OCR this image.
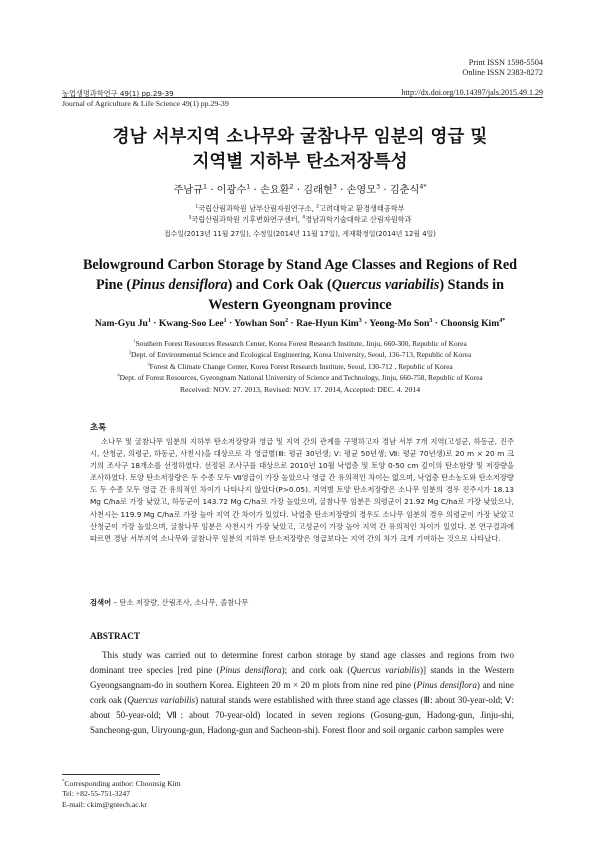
Print ISSN 1598-5504
Online ISSN 2383-8272
농업생명과학연구 49(1) pp.29-39
Journal of Agriculture & Life Science 49(1) pp.29-39
http://dx.doi.org/10.14397/jals.2015.49.1.29
경남 서부지역 소나무와 굴참나무 임분의 영급 및
지역별 지하부 탄소저장특성
주남규$^1$ · 이광수$^1$ · 손요환$^2$ · 김래현$^3$ · 손영모$^3$ · 김춘식$^{4*}$
$^1$국립산림과학원 남부산림자원연구소, $^2$고려대학교 환경생태공학부
$^3$국립산림과학원 기후변화연구센터, $^4$경남과학기술대학교 산림자원학과
접수일(2013년 11월 27일), 수정일(2014년 11월 17일), 게재확정일(2014년 12월 4일)
Belowground Carbon Storage by Stand Age Classes and Regions of Red
Pine (Pinus densiflora) and Cork Oak (Quercus variabilis) Stands in
Western Gyeongnam province
Nam-Gyu $Ju^1$ · Kwang-Soo Lee$^1$ · Yowhan Son$^2$ · Rae-Hyun Kim$^3$ · Yeong-Mo Son$^3$ · Choonsig Kim$^{4*}$
$^1$Southern Forest Resources Research Center, Korea Forest Research Institute, Jinju, 660-300, Republic of Korea
$^2$Dept. of Environmental Science and Ecological Engineering, Korea University, Seoul, 136-713, Republic of Korea
$^3$Forest & Climate Change Center, Korea Forest Research Institute, Seoul, 130-712 , Republic of Korea
$^4$Dept. of Forest Resources, Gyeongnam National University of Science and Technology, Jinju, 660-758, Republic of Korea
Received: NOV. 27. 2013, Revised: NOV. 17. 2014, Accepted: DEC. 4. 2014
초록

소나무 및 굴참나무 임분의 지하부 탄소저장량과 영급 및 지역 간의 관계를 구명하고자 경남 서부 7개 지역(고성군, 하동군, 진주시, 산청군, 의령군, 하동군, 사천시)을 대상으로 각 영급별(Ⅲ: 평균 30년생; Ⅴ: 평균 50년생; Ⅶ: 평균 70년생)로 20 m × 20 m 크기의 조사구 18개소를 선정하였다. 선정된 조사구를 대상으로 2010년 10월 낙엽층 및 토양 0-50 cm 깊이의 탄소함량 및 저장량을 조사하였다. 토양 탄소저장량은 두 수종 모두 Ⅶ영급이 가장 높았으나 영급 간 유의적인 차이는 없으며, 낙엽층 탄소농도와 탄소저장량도 두 수종 모두 영급 간 유의적인 차이가 나타나지 않았다(P>0.05). 지역별 토양 탄소저장량은 소나무 임분의 경우 진주시가 18.13 Mg C/ha로 가장 낮았고, 하동군이 143.72 Mg C/ha로 가장 높았으며, 굴참나무 임분은 의령군이 21.92 Mg C/ha로 가장 낮았으나, 사천시는 119.9 Mg C/ha로 가장 높아 지역 간 차이가 있었다. 낙엽층 탄소저장량의 경우도 소나무 임분의 경우 의령군이 가장 낮았고 산청군이 가장 높았으며, 굴참나무 임분은 사천시가 가장 낮았고, 고성군이 가장 높아 지역 간 유의적인 차이가 있었다. 본 연구결과에 따르면 경남 서부지역 소나무와 굴참나무 임분의 지하부 탄소저장량은 영급보다는 지역 간의 차가 크게 기여하는 것으로 나타났다.

검색어 – 탄소 저장량, 산림조사, 소나무, 졸참나무
ABSTRACT

This study was carried out to determine forest carbon storage by stand age classes and regions from two dominant tree species [red pine (Pinus densiflora); and cork oak (Quercus variabilis)] stands in the Western Gyeongsangnam-do in southern Korea. Eighteen 20 m × 20 m plots from nine red pine (Pinus densiflora) and nine cork oak (Quercus variabilis) natural stands were established with three stand age classes (Ⅲ: about 30-year-old; Ⅴ: about 50-year-old; Ⅶ: about 70-year-old) located in seven regions (Gosung-gun, Hadong-gun, Jinju-shi, Sancheong-gun, Uiryoung-gun, Hadong-gun and Sacheon-shi). Forest floor and soil organic carbon samples were

*Corresponding author: Choonsig Kim
Tel: +82-55-751-3247
E-mail: ckim@gntech.ac.kr
